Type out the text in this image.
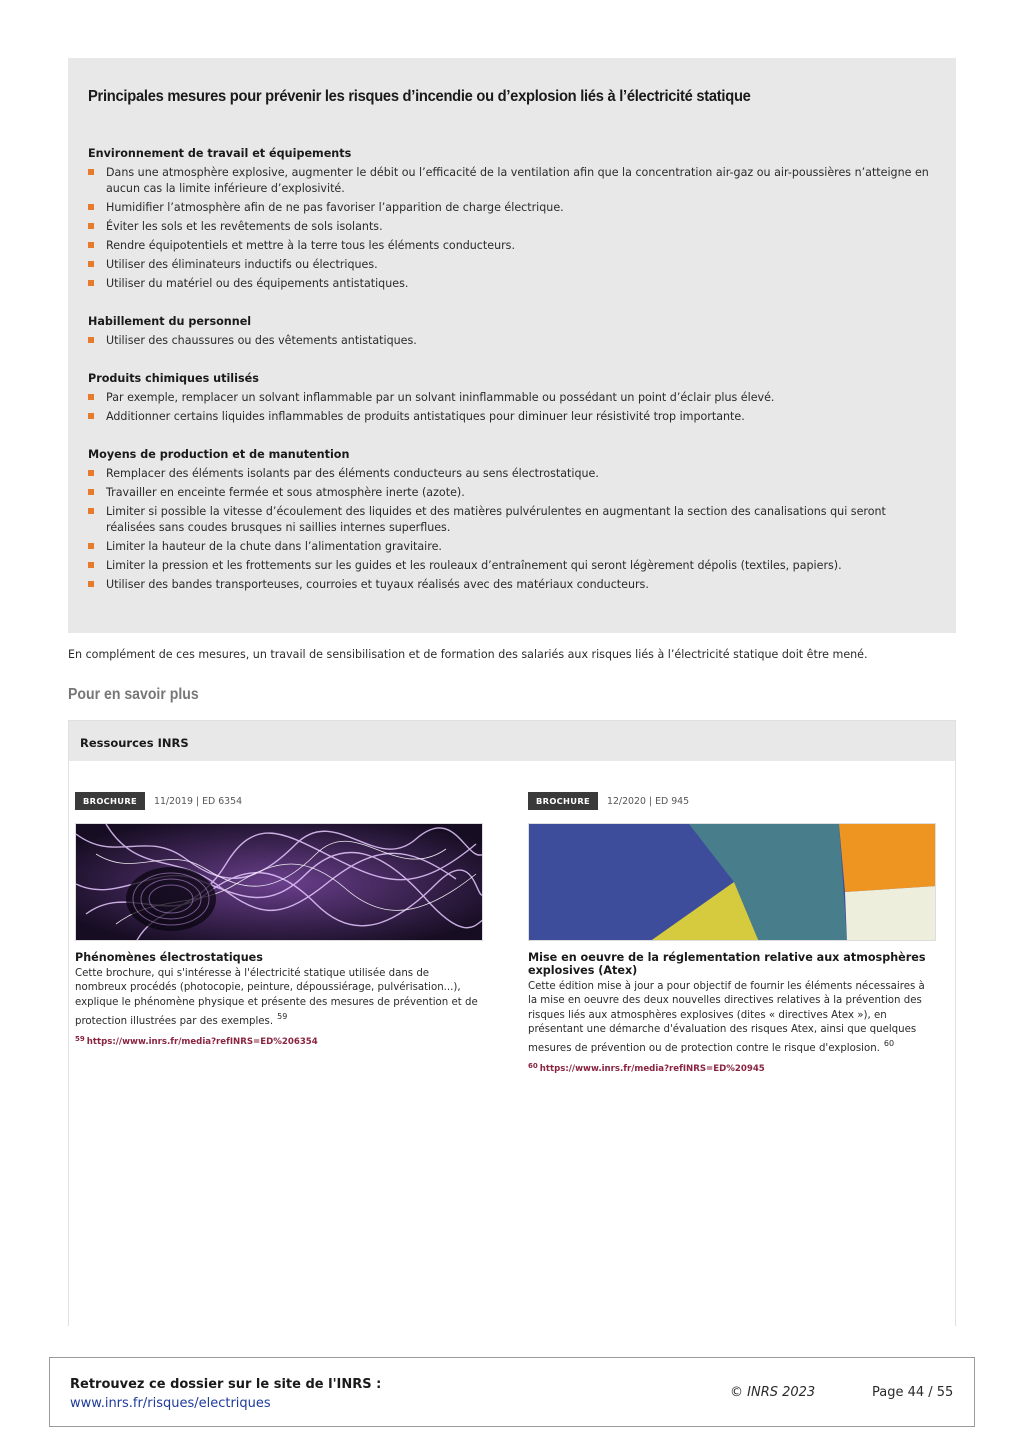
Principales mesures pour prévenir les risques d’incendie ou d’explosion liés à l’électricité statique
Environnement de travail et équipements
Dans une atmosphère explosive, augmenter le débit ou l’efficacité de la ventilation afin que la concentration air-gaz ou air-poussières n’atteigne en aucun cas la limite inférieure d’explosivité.
Humidifier l’atmosphère afin de ne pas favoriser l’apparition de charge électrique.
Éviter les sols et les revêtements de sols isolants.
Rendre équipotentiels et mettre à la terre tous les éléments conducteurs.
Utiliser des éliminateurs inductifs ou électriques.
Utiliser du matériel ou des équipements antistatiques.
Habillement du personnel
Utiliser des chaussures ou des vêtements antistatiques.
Produits chimiques utilisés
Par exemple, remplacer un solvant inflammable par un solvant ininflammable ou possédant un point d’éclair plus élevé.
Additionner certains liquides inflammables de produits antistatiques pour diminuer leur résistivité trop importante.
Moyens de production et de manutention
Remplacer des éléments isolants par des éléments conducteurs au sens électrostatique.
Travailler en enceinte fermée et sous atmosphère inerte (azote).
Limiter si possible la vitesse d’écoulement des liquides et des matières pulvérulentes en augmentant la section des canalisations qui seront réalisées sans coudes brusques ni saillies internes superflues.
Limiter la hauteur de la chute dans l’alimentation gravitaire.
Limiter la pression et les frottements sur les guides et les rouleaux d’entraînement qui seront légèrement dépolis (textiles, papiers).
Utiliser des bandes transporteuses, courroies et tuyaux réalisés avec des matériaux conducteurs.
En complément de ces mesures, un travail de sensibilisation et de formation des salariés aux risques liés à l’électricité statique doit être mené.
Pour en savoir plus
Ressources INRS
BROCHURE	11/2019 | ED 6354
Phénomènes électrostatiques
Cette brochure, qui s'intéresse à l'électricité statique utilisée dans de nombreux procédés (photocopie, peinture, dépoussiérage, pulvérisation...), explique le phénomène physique et présente des mesures de prévention et de protection illustrées par des exemples. $^{59}$
$^{59}$ https://www.inrs.fr/media?refINRS=ED%206354
BROCHURE	12/2020 | ED 945
Mise en oeuvre de la réglementation relative aux atmosphères explosives (Atex)
Cette édition mise à jour a pour objectif de fournir les éléments nécessaires à la mise en oeuvre des deux nouvelles directives relatives à la prévention des risques liés aux atmosphères explosives (dites « directives Atex »), en présentant une démarche d'évaluation des risques Atex, ainsi que quelques mesures de prévention ou de protection contre le risque d'explosion. $^{60}$
$^{60}$ https://www.inrs.fr/media?refINRS=ED%20945
Retrouvez ce dossier sur le site de l'INRS :
www.inrs.fr/risques/electriques
© INRS 2023	Page 44 / 55
